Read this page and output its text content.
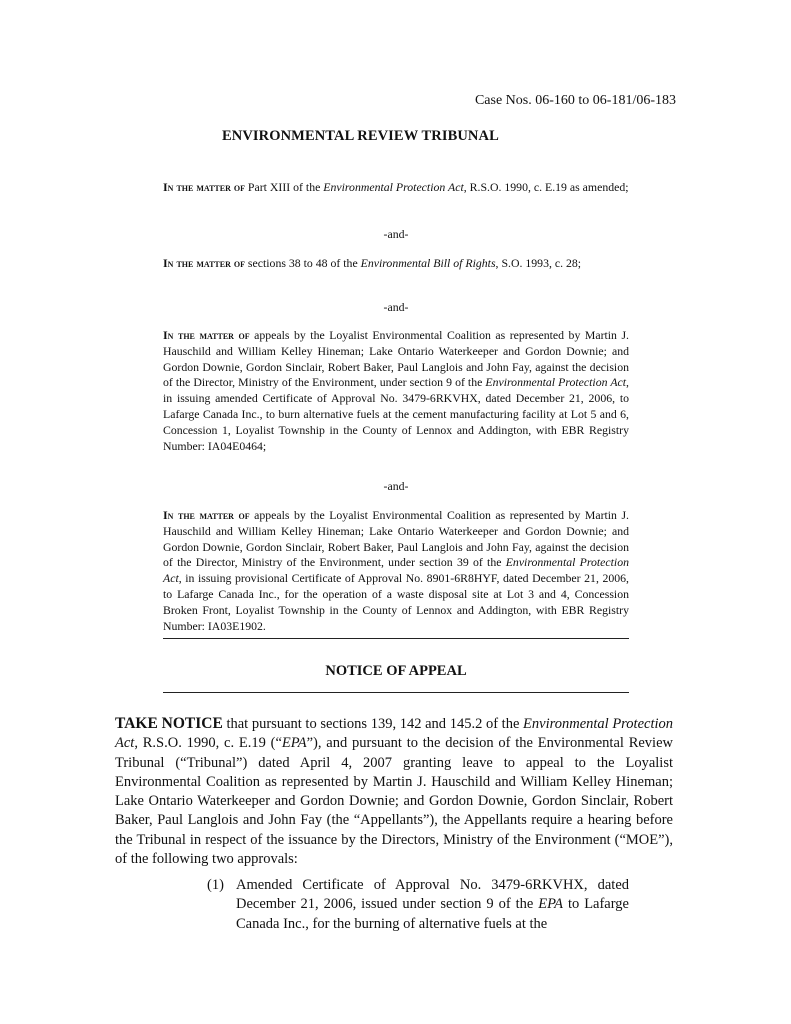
Case Nos. 06-160 to 06-181/06-183
ENVIRONMENTAL REVIEW TRIBUNAL
In the matter of Part XIII of the Environmental Protection Act, R.S.O. 1990, c. E.19 as amended;
-and-
In the matter of sections 38 to 48 of the Environmental Bill of Rights, S.O. 1993, c. 28;
-and-
In the matter of appeals by the Loyalist Environmental Coalition as represented by Martin J. Hauschild and William Kelley Hineman; Lake Ontario Waterkeeper and Gordon Downie; and Gordon Downie, Gordon Sinclair, Robert Baker, Paul Langlois and John Fay, against the decision of the Director, Ministry of the Environment, under section 9 of the Environmental Protection Act, in issuing amended Certificate of Approval No. 3479-6RKVHX, dated December 21, 2006, to Lafarge Canada Inc., to burn alternative fuels at the cement manufacturing facility at Lot 5 and 6, Concession 1, Loyalist Township in the County of Lennox and Addington, with EBR Registry Number: IA04E0464;
-and-
In the matter of appeals by the Loyalist Environmental Coalition as represented by Martin J. Hauschild and William Kelley Hineman; Lake Ontario Waterkeeper and Gordon Downie; and Gordon Downie, Gordon Sinclair, Robert Baker, Paul Langlois and John Fay, against the decision of the Director, Ministry of the Environment, under section 39 of the Environmental Protection Act, in issuing provisional Certificate of Approval No. 8901-6R8HYF, dated December 21, 2006, to Lafarge Canada Inc., for the operation of a waste disposal site at Lot 3 and 4, Concession Broken Front, Loyalist Township in the County of Lennox and Addington, with EBR Registry Number: IA03E1902.
NOTICE OF APPEAL
TAKE NOTICE that pursuant to sections 139, 142 and 145.2 of the Environmental Protection Act, R.S.O. 1990, c. E.19 (“EPA”), and pursuant to the decision of the Environmental Review Tribunal (“Tribunal”) dated April 4, 2007 granting leave to appeal to the Loyalist Environmental Coalition as represented by Martin J. Hauschild and William Kelley Hineman; Lake Ontario Waterkeeper and Gordon Downie; and Gordon Downie, Gordon Sinclair, Robert Baker, Paul Langlois and John Fay (the “Appellants”), the Appellants require a hearing before the Tribunal in respect of the issuance by the Directors, Ministry of the Environment (“MOE”), of the following two approvals:
(1) Amended Certificate of Approval No. 3479-6RKVHX, dated December 21, 2006, issued under section 9 of the EPA to Lafarge Canada Inc., for the burning of alternative fuels at the
